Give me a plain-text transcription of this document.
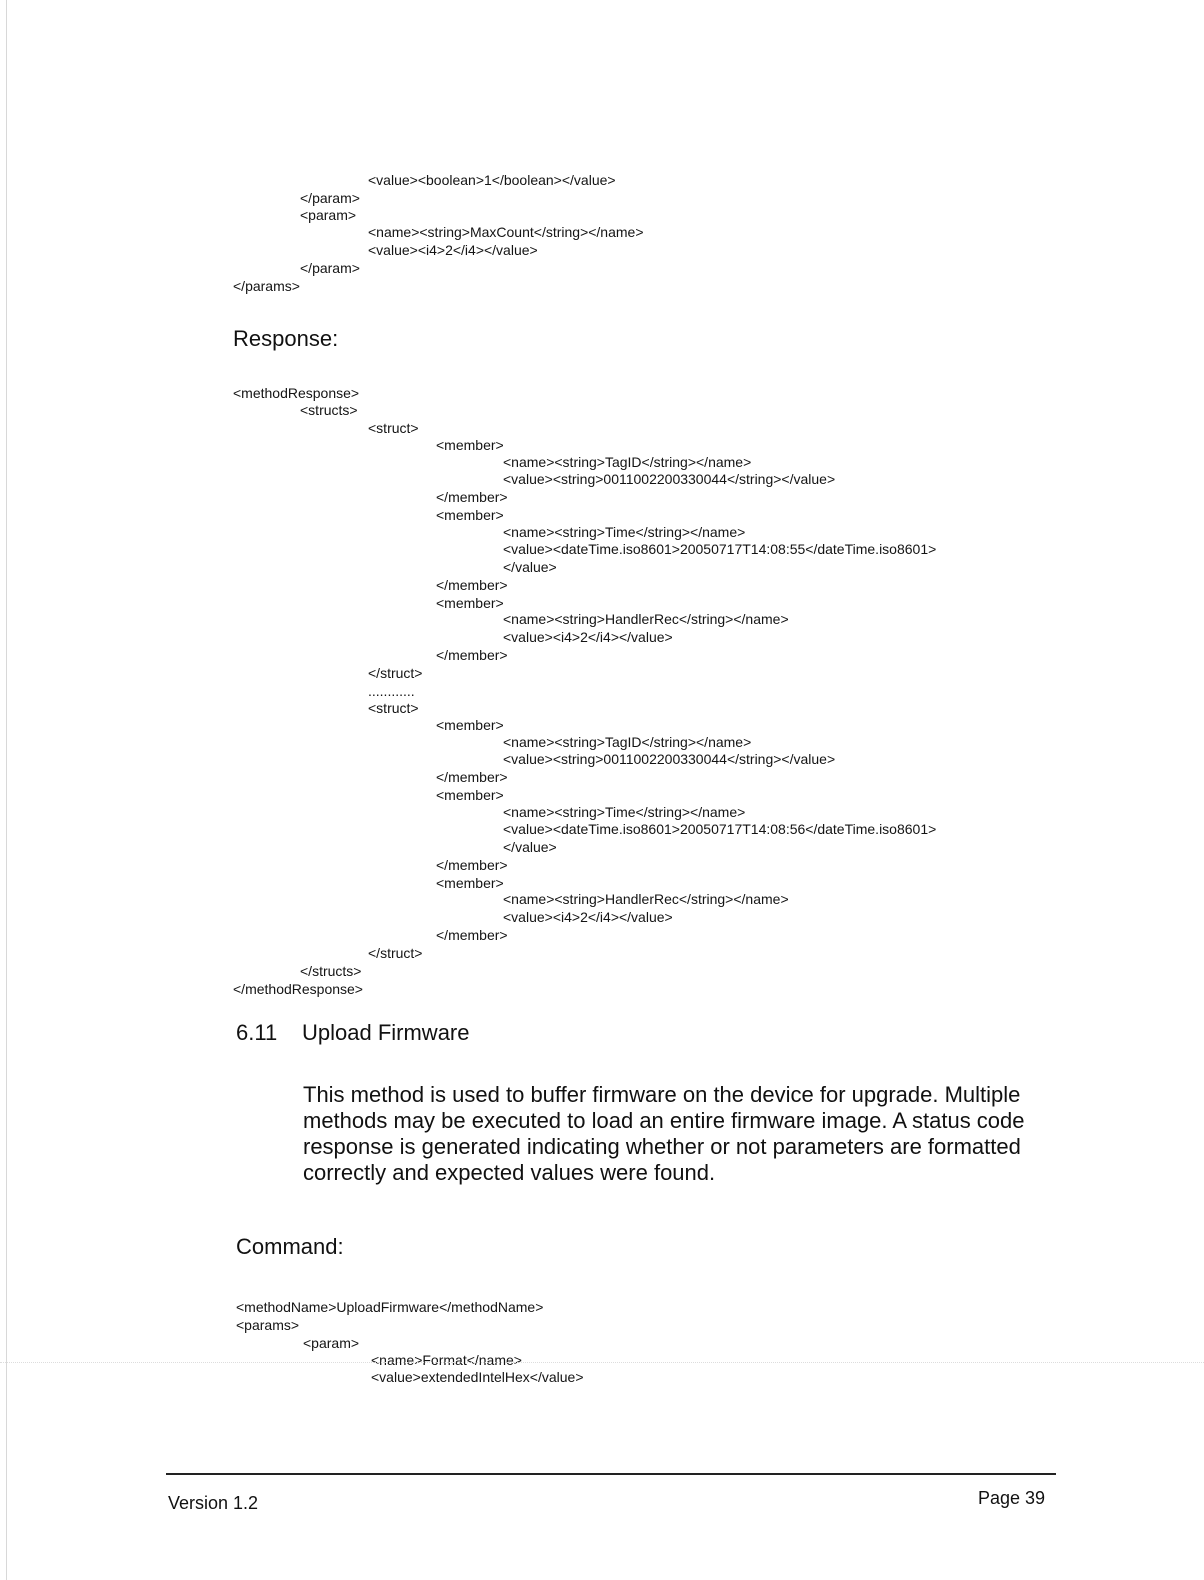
<value><boolean>1</boolean></value>
</param>
<param>
<name><string>MaxCount</string></name>
<value><i4>2</i4></value>
</param>
</params>
Response:
<methodResponse>
<structs>
<struct>
<member>
<name><string>TagID</string></name>
<value><string>0011002200330044</string></value>
</member>
<member>
<name><string>Time</string></name>
<value><dateTime.iso8601>20050717T14:08:55</dateTime.iso8601>
</value>
</member>
<member>
<name><string>HandlerRec</string></name>
<value><i4>2</i4></value>
</member>
</struct>
............
<struct>
<member>
<name><string>TagID</string></name>
<value><string>0011002200330044</string></value>
</member>
<member>
<name><string>Time</string></name>
<value><dateTime.iso8601>20050717T14:08:56</dateTime.iso8601>
</value>
</member>
<member>
<name><string>HandlerRec</string></name>
<value><i4>2</i4></value>
</member>
</struct>
</structs>
</methodResponse>
6.11 Upload Firmware
This method is used to buffer firmware on the device for upgrade. Multiple methods may be executed to load an entire firmware image. A status code response is generated indicating whether or not parameters are formatted correctly and expected values were found.
Command:
<methodName>UploadFirmware</methodName>
<params>
<param>
<name>Format</name>
<value>extendedIntelHex</value>
Version 1.2	Page 39
